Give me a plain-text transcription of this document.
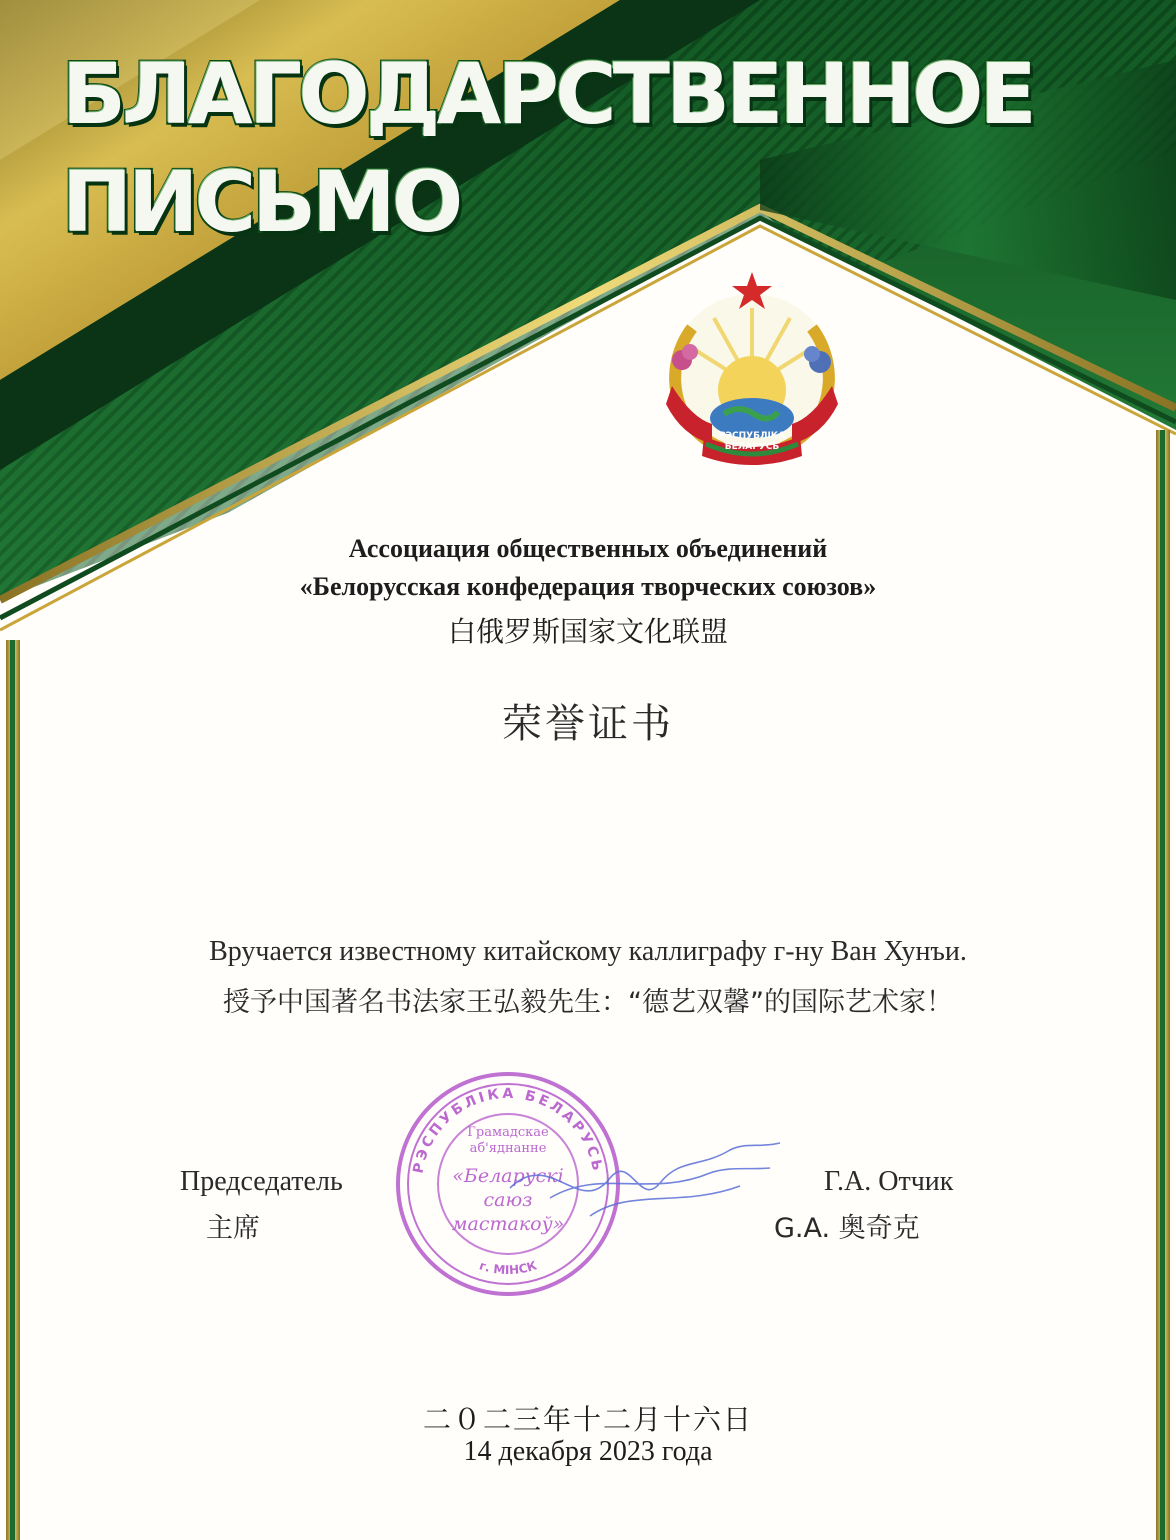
БЛАГОДАРСТВЕННОЕ
ПИСЬМО
РЭСПУБЛІКА
БЕЛАРУСЬ

Ассоциация общественных объединений

«Белорусская конфедерация творческих союзов»

白俄罗斯国家文化联盟

荣誉证书

Вручается известному китайскому каллиграфу г-ну Ван Хунъи.

授予中国著名书法家王弘毅先生：“德艺双馨”的国际艺术家！

Председатель

主席

Г.А. Отчик

G.A. 奥奇克

РЭСПУБЛІКА БЕЛАРУСЬ
г. МІНСК
Грамадскае
аб'яднанне
«Беларускі
саюз
мастакоў»

二０二三年十二月十六日

14 декабря 2023 года
